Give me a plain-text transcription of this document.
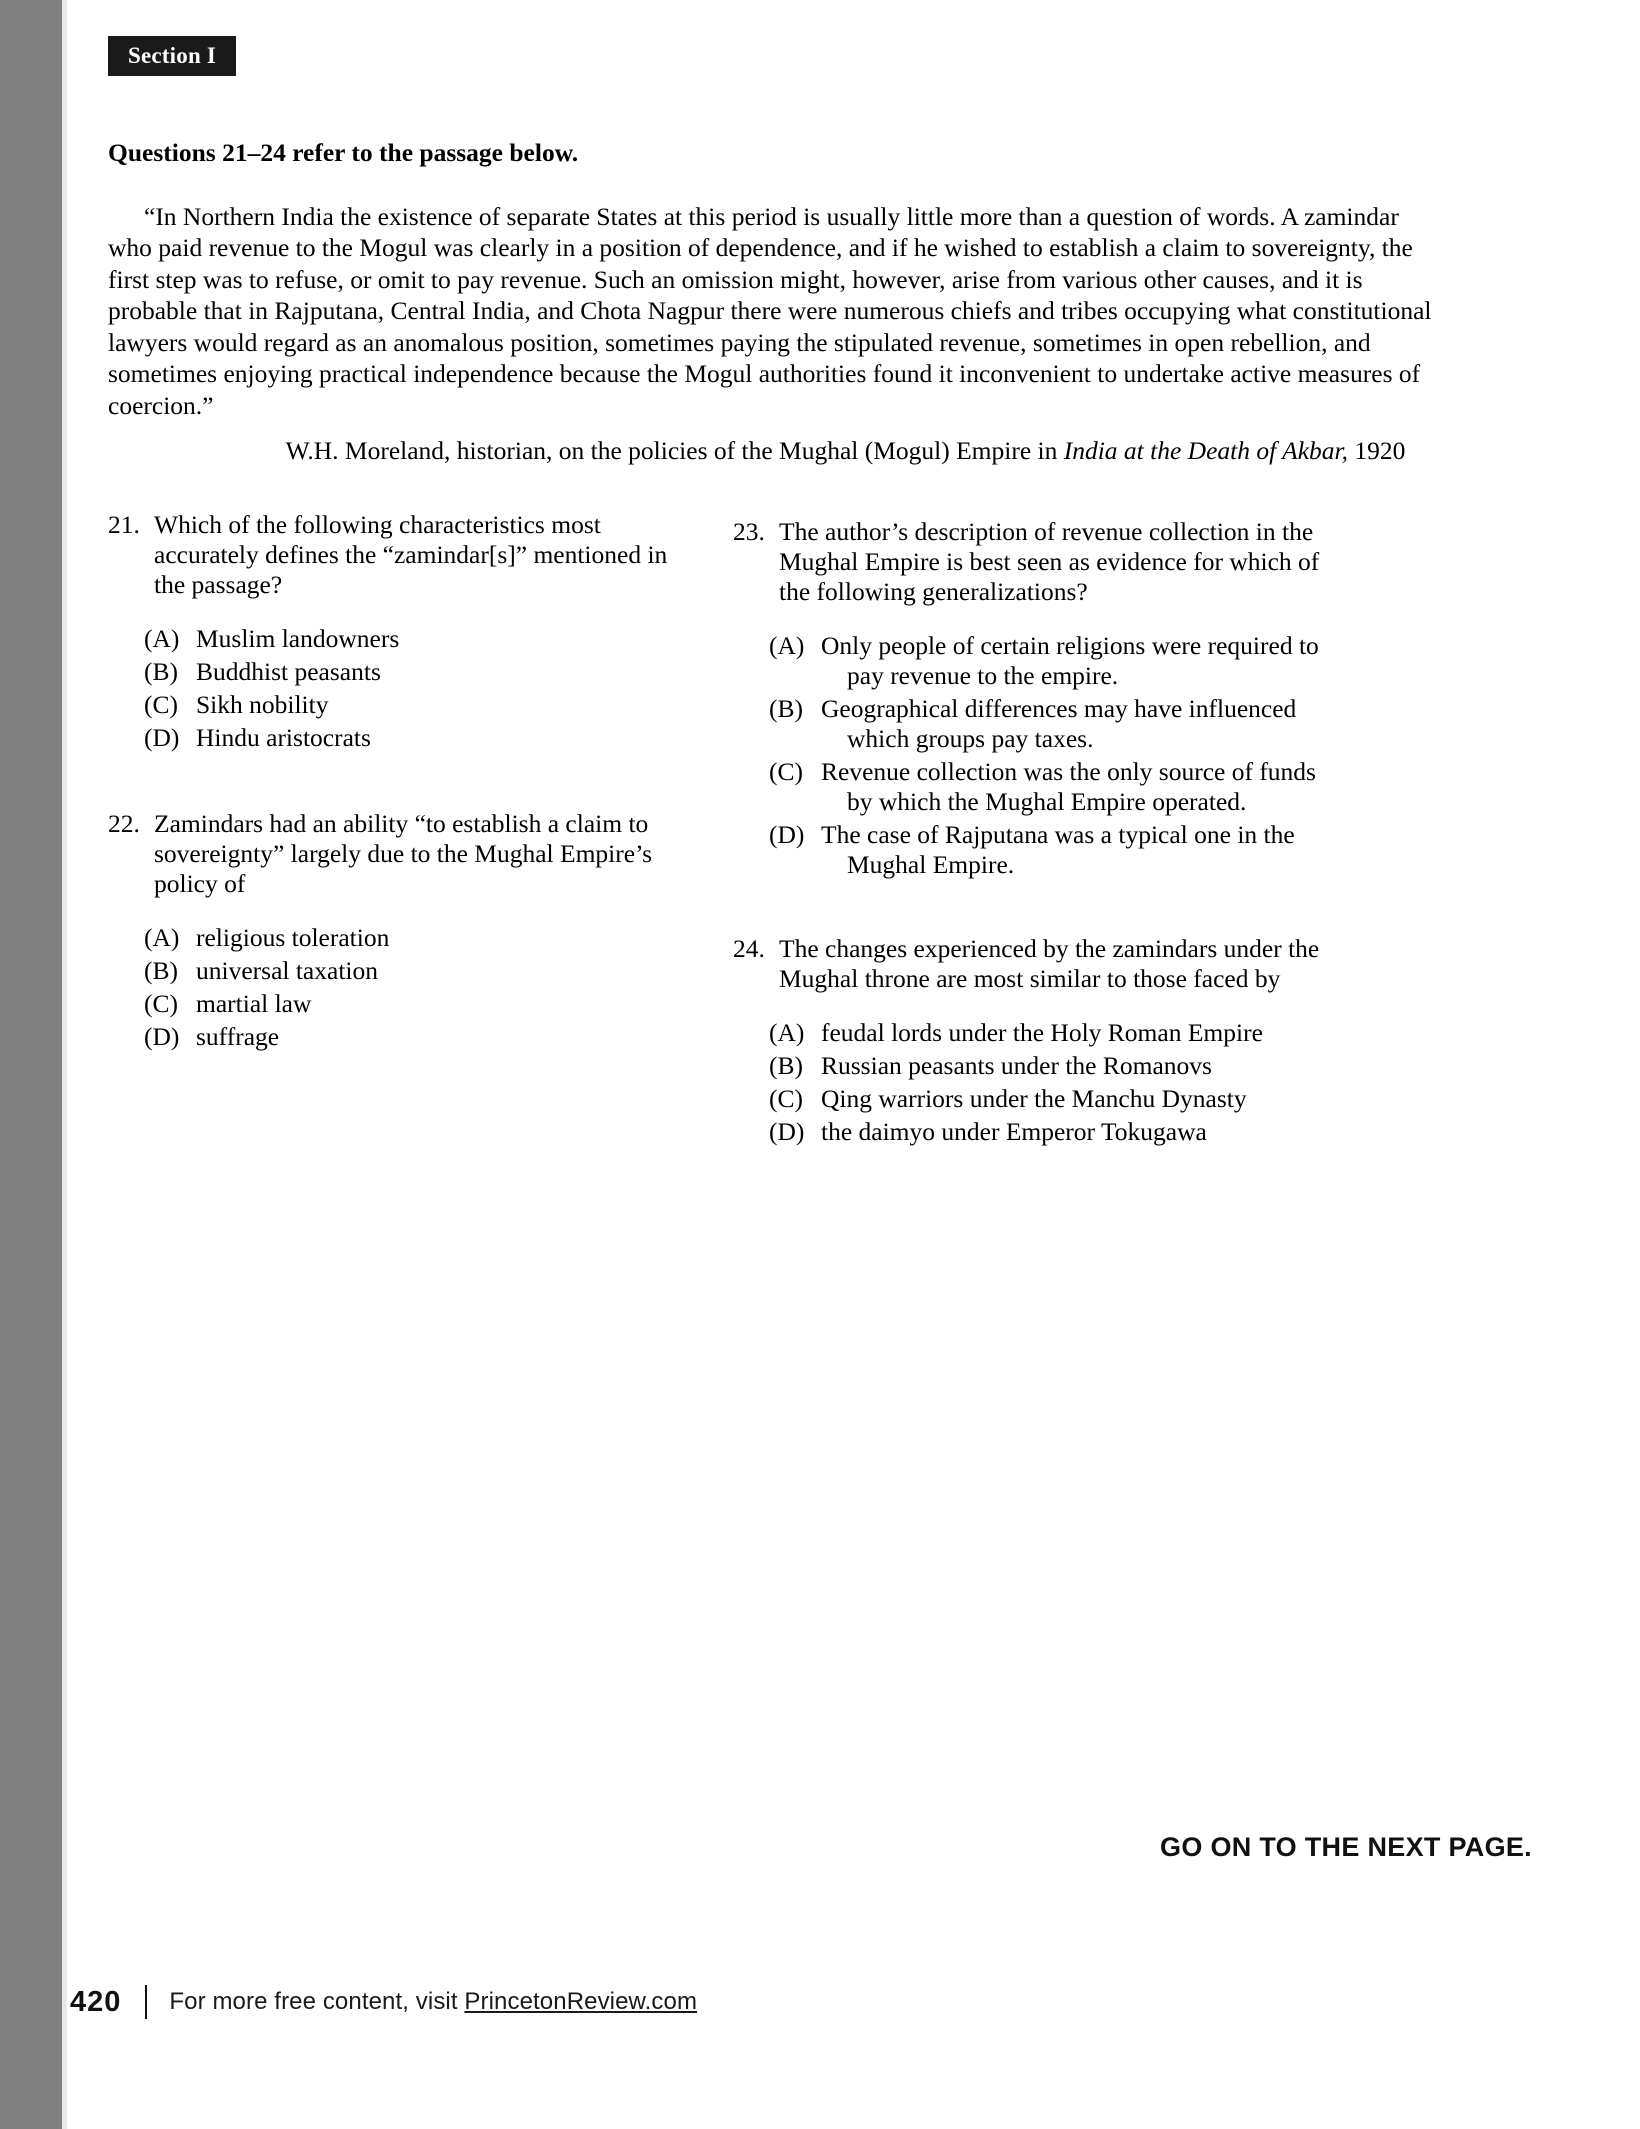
Section I
Questions 21–24 refer to the passage below.

“In Northern India the existence of separate States at this period is usually little more than a question of words. A zamindar who paid revenue to the Mogul was clearly in a position of dependence, and if he wished to establish a claim to sovereignty, the first step was to refuse, or omit to pay revenue. Such an omission might, however, arise from various other causes, and it is probable that in Rajputana, Central India, and Chota Nagpur there were numerous chiefs and tribes occupying what constitutional lawyers would regard as an anomalous position, sometimes paying the stipulated revenue, sometimes in open rebellion, and sometimes enjoying practical independence because the Mogul authorities found it inconvenient to undertake active measures of coercion.”

W.H. Moreland, historian, on the policies of the Mughal (Mogul) Empire in India at the Death of Akbar, 1920

21. Which of the following characteristics most accurately defines the “zamindar[s]” mentioned in the passage?
(A) Muslim landowners
(B) Buddhist peasants
(C) Sikh nobility
(D) Hindu aristocrats
22. Zamindars had an ability “to establish a claim to sovereignty” largely due to the Mughal Empire’s policy of
(A) religious toleration
(B) universal taxation
(C) martial law
(D) suffrage
23. The author’s description of revenue collection in the Mughal Empire is best seen as evidence for which of the following generalizations?
(A) Only people of certain religions were required to pay revenue to the empire.
(B) Geographical differences may have influenced which groups pay taxes.
(C) Revenue collection was the only source of funds by which the Mughal Empire operated.
(D) The case of Rajputana was a typical one in the Mughal Empire.
24. The changes experienced by the zamindars under the Mughal throne are most similar to those faced by
(A) feudal lords under the Holy Roman Empire
(B) Russian peasants under the Romanovs
(C) Qing warriors under the Manchu Dynasty
(D) the daimyo under Emperor Tokugawa
GO ON TO THE NEXT PAGE.
420 For more free content, visit PrincetonReview.com
